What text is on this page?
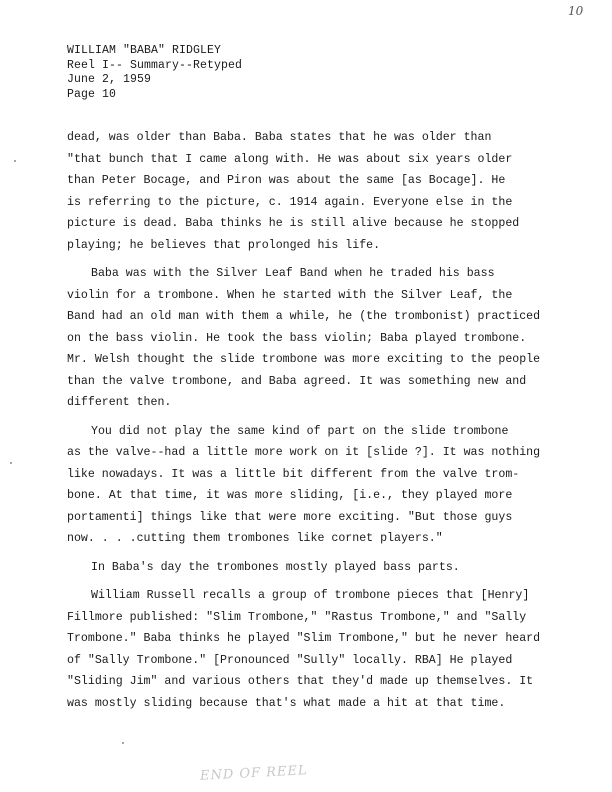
10
WILLIAM "BABA" RIDGLEY
Reel I-- Summary--Retyped
June 2, 1959
Page 10
dead, was older than Baba. Baba states that he was older than
"that bunch that I came along with. He was about six years older
than Peter Bocage, and Piron was about the same [as Bocage]. He
is referring to the picture, c. 1914 again. Everyone else in the
picture is dead. Baba thinks he is still alive because he stopped
playing; he believes that prolonged his life.
Baba was with the Silver Leaf Band when he traded his bass
violin for a trombone. When he started with the Silver Leaf, the
Band had an old man with them a while, he (the trombonist) practiced
on the bass violin. He took the bass violin; Baba played trombone.
Mr. Welsh thought the slide trombone was more exciting to the people
than the valve trombone, and Baba agreed. It was something new and
different then.
You did not play the same kind of part on the slide trombone
as the valve--had a little more work on it [slide ?]. It was nothing
like nowadays. It was a little bit different from the valve trom-
bone. At that time, it was more sliding, [i.e., they played more
portamenti] things like that were more exciting. "But those guys
now. . . .cutting them trombones like cornet players."
In Baba's day the trombones mostly played bass parts.
William Russell recalls a group of trombone pieces that [Henry]
Fillmore published: "Slim Trombone," "Rastus Trombone," and "Sally
Trombone." Baba thinks he played "Slim Trombone," but he never heard
of "Sally Trombone." [Pronounced "Sully" locally. RBA] He played
"Sliding Jim" and various others that they'd made up themselves. It
was mostly sliding because that's what made a hit at that time.
END OF REEL
